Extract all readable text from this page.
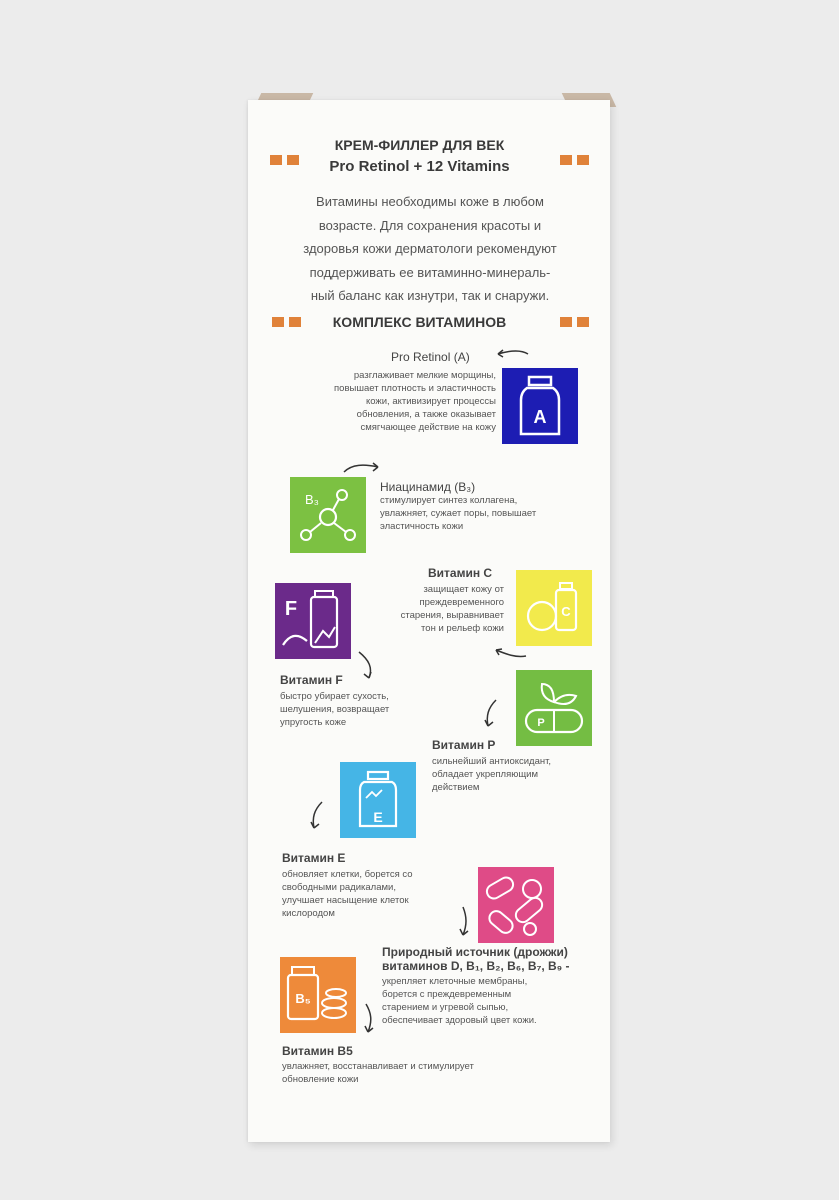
КРЕМ-ФИЛЛЕР ДЛЯ ВЕК
Pro Retinol + 12 Vitamins
Витамины необходимы коже в любом
возрасте. Для сохранения красоты и
здоровья кожи дерматологи рекомендуют
поддерживать ее витаминно-минераль-
ный баланс как изнутри, так и снаружи.
КОМПЛЕКС ВИТАМИНОВ
A
Pro Retinol (A)
разглаживает мелкие морщины,
повышает плотность и эластичность
кожи, активизирует процессы
обновления, а также оказывает
смягчающее действие на кожу
B₃
Ниацинамид (B₃)
стимулирует синтез коллагена,
увлажняет, сужает поры, повышает
эластичность кожи
C
Витамин C
защищает кожу от
преждевременного
старения, выравнивает
тон и рельеф кожи
F
Витамин F
быстро убирает сухость,
шелушения, возвращает
упругость коже	P
Витамин P
сильнейший антиоксидант,
обладает укрепляющим
действием
E
Витамин E
обновляет клетки, борется со
свободными радикалами,
улучшает насыщение клеток
кислородом
Природный источник (дрожжи)
витаминов D, B₁, B₂, B₆, B₇, B₉ -
укрепляет клеточные мембраны,
борется с преждевременным
старением и угревой сыпью,
обеспечивает здоровый цвет кожи.
B₅
Витамин B5
увлажняет, восстанавливает и стимулирует
обновление кожи
